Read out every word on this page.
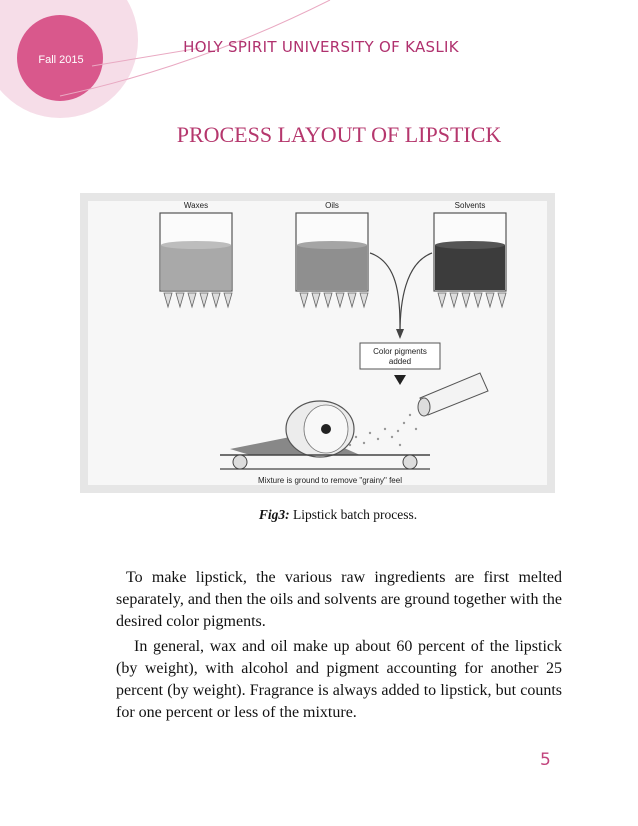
Fall 2015
HOLY SPIRIT UNIVERSITY OF KASLIK
PROCESS LAYOUT OF LIPSTICK
Waxes	Oils	Solvents
Color pigments
added
Mixture is ground to remove "grainy" feel
Fig3: Lipstick batch process.

To make lipstick, the various raw ingredients are first melted separately, and then the oils and solvents are ground together with the desired color pigments.

In general, wax and oil make up about 60 percent of the lipstick (by weight), with alcohol and pigment accounting for another 25 percent (by weight). Fragrance is always added to lipstick, but counts for one percent or less of the mixture.

5
